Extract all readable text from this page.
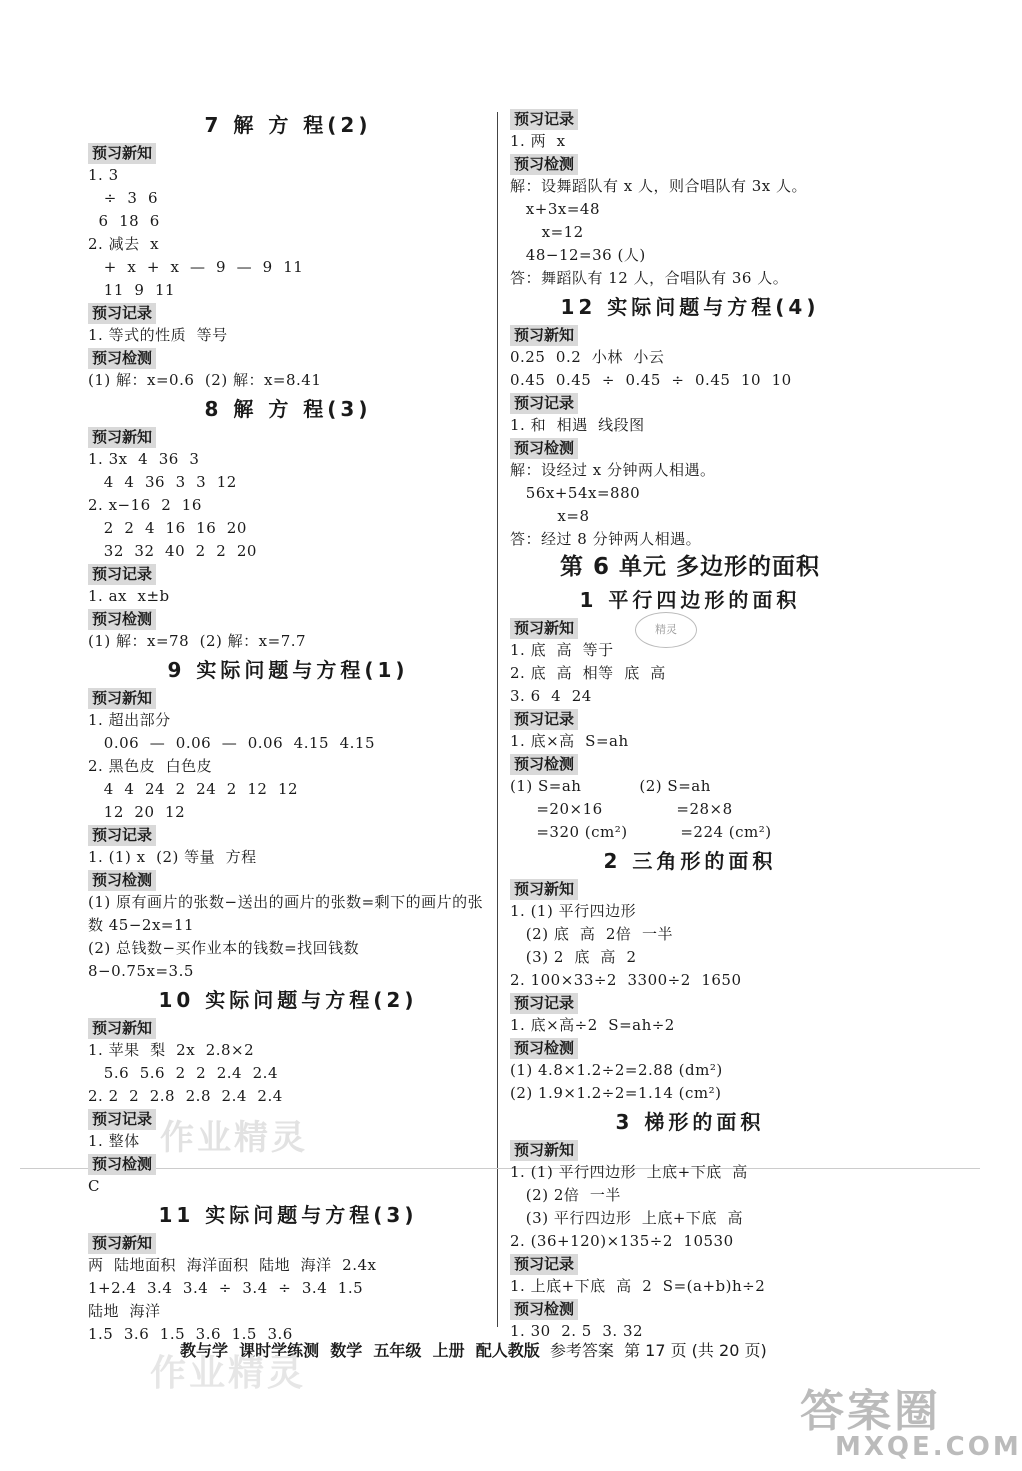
7 解 方 程(2)
预习新知
1. 3
÷  3  6
6  18  6
2. 减去  x
+  x  +  x  —  9  —  9  11
11  9  11
预习记录
1. 等式的性质  等号
预习检测
(1) 解：x=0.6  (2) 解：x=8.41
8 解 方 程(3)
预习新知
1. 3x  4  36  3
4  4  36  3  3  12
2. x−16  2  16
2  2  4  16  16  20
32  32  40  2  2  20
预习记录
1. ax  x±b
预习检测
(1) 解：x=78  (2) 解：x=7.7
9 实际问题与方程(1)
预习新知
1. 超出部分
0.06  —  0.06  —  0.06  4.15  4.15
2. 黑色皮  白色皮
4  4  24  2  24  2  12  12
12  20  12
预习记录
1. (1) x  (2) 等量  方程
预习检测
(1) 原有画片的张数−送出的画片的张数=剩下的画片的张数 45−2x=11
(2) 总钱数−买作业本的钱数=找回钱数
8−0.75x=3.5
10 实际问题与方程(2)
预习新知
1. 苹果  梨  2x  2.8×2
5.6  5.6  2  2  2.4  2.4
2. 2  2  2.8  2.8  2.4  2.4
预习记录
1. 整体
预习检测
C
11 实际问题与方程(3)
预习新知
两  陆地面积  海洋面积  陆地  海洋  2.4x
1+2.4  3.4  3.4  ÷  3.4  ÷  3.4  1.5
陆地  海洋
1.5  3.6  1.5  3.6  1.5  3.6
预习记录
1. 两  x
预习检测
解：设舞蹈队有 x 人，则合唱队有 3x 人。
x+3x=48
x=12
48−12=36 (人)
答：舞蹈队有 12 人，合唱队有 36 人。
12 实际问题与方程(4)
预习新知
0.25  0.2  小林  小云
0.45  0.45  ÷  0.45  ÷  0.45  10  10
预习记录
1. 和  相遇  线段图
预习检测
解：设经过 x 分钟两人相遇。
56x+54x=880
x=8
答：经过 8 分钟两人相遇。
第 6 单元 多边形的面积
1 平行四边形的面积
预习新知
1. 底  高  等于
2. 底  高  相等  底  高
3. 6  4  24
预习记录
1. 底×高  S=ah
预习检测
(1) S=ah           (2) S=ah
=20×16              =28×8
=320 (cm²)          =224 (cm²)
2 三角形的面积
预习新知
1. (1) 平行四边形
(2) 底  高  2倍  一半
(3) 2  底  高  2
2. 100×33÷2  3300÷2  1650
预习记录
1. 底×高÷2  S=ah÷2
预习检测
(1) 4.8×1.2÷2=2.88 (dm²)
(2) 1.9×1.2÷2=1.14 (cm²)
3 梯形的面积
预习新知
1. (1) 平行四边形  上底+下底  高
(2) 2倍  一半
(3) 平行四边形  上底+下底  高
2. (36+120)×135÷2  10530
预习记录
1. 上底+下底  高  2  S=(a+b)h÷2
预习检测
1. 30  2. 5  3. 32
精灵
教与学  课时学练测  数学  五年级  上册  配人教版  参考答案  第 17 页 (共 20 页)
作业精灵
作业精灵
答案圈
MXQE.COM
